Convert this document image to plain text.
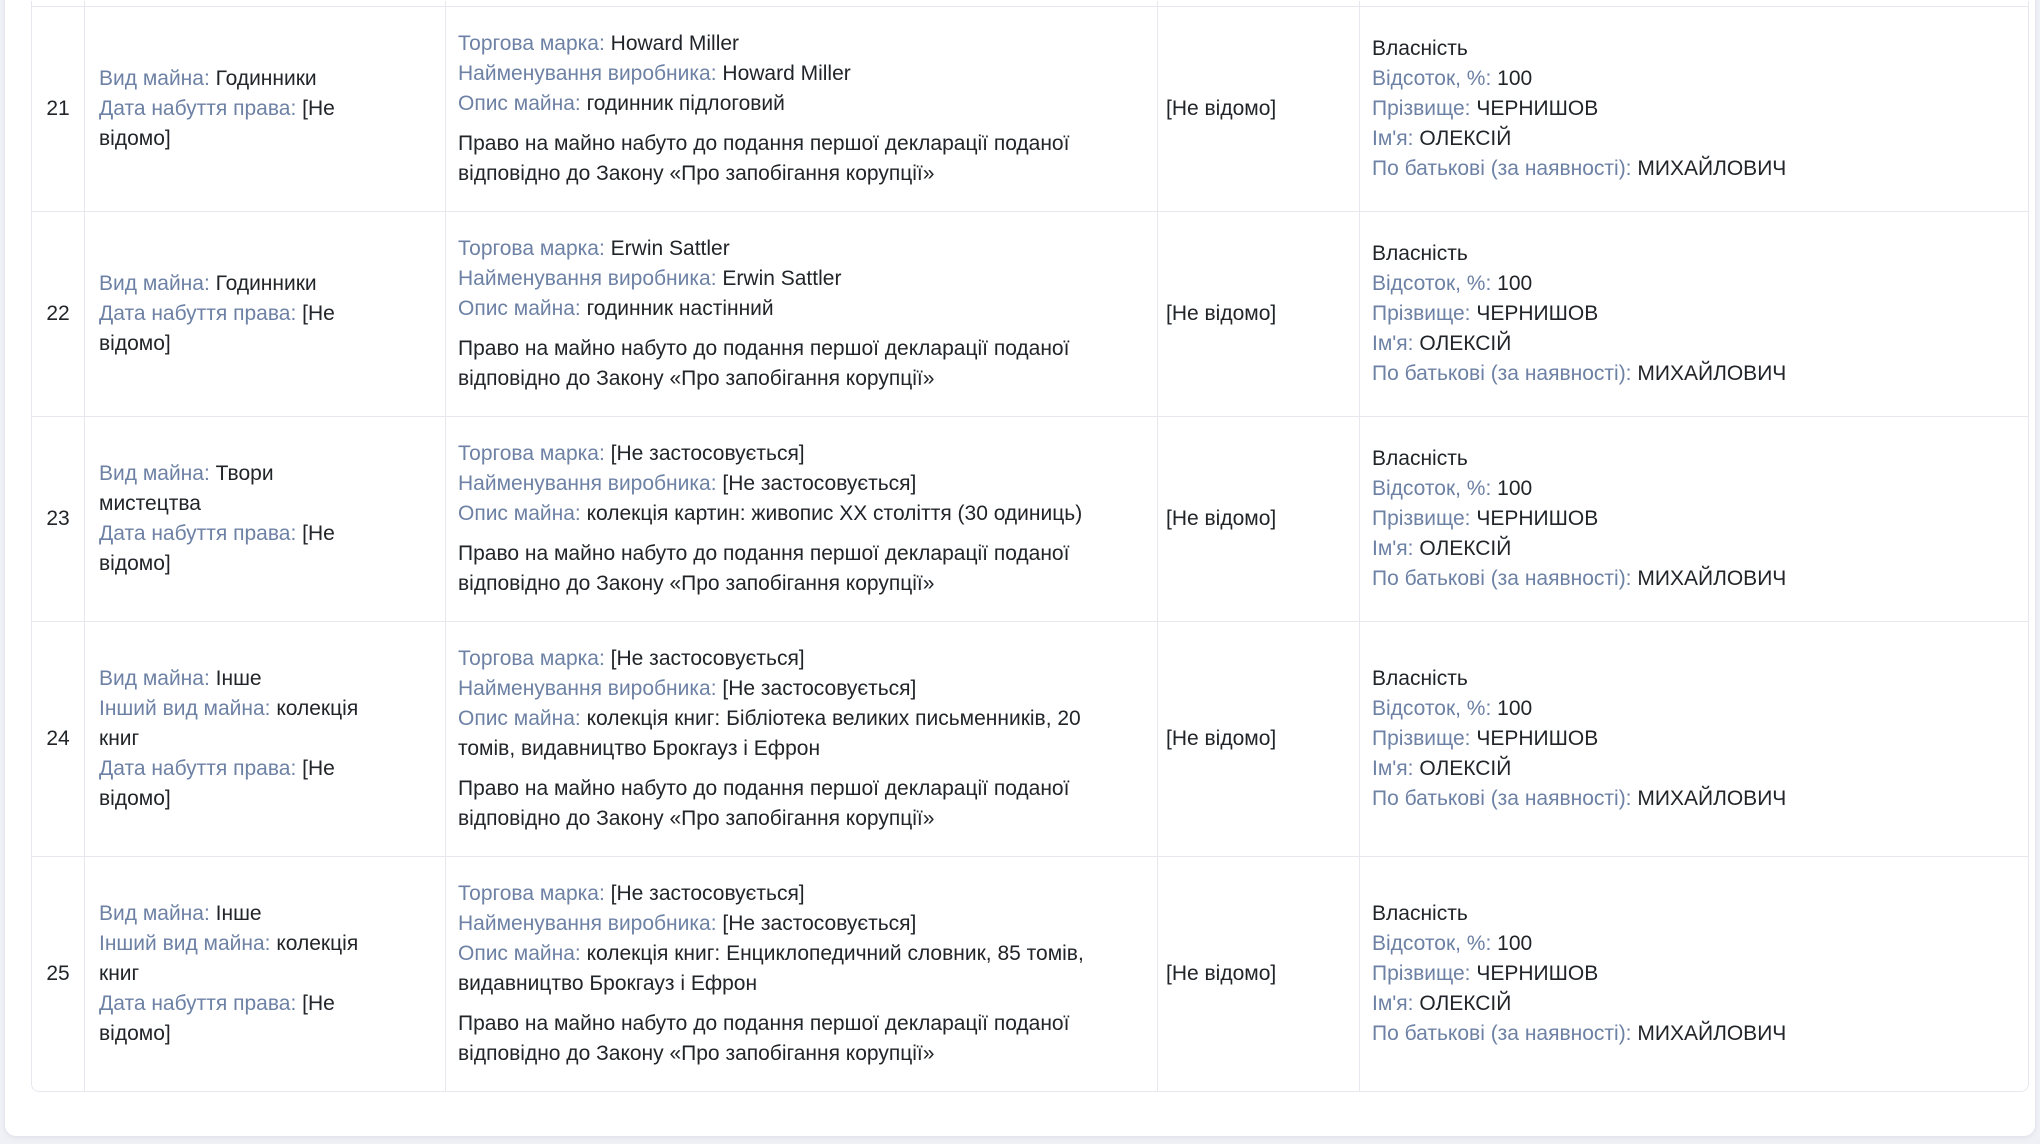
21
Вид майна: Годинники
Дата набуття права: [Не відомо]
Торгова марка: Howard Miller
Найменування виробника: Howard Miller
Опис майна: годинник підлоговий
Право на майно набуто до подання першої декларації поданої відповідно до Закону «Про запобігання корупції»
[Не відомо]
Власність
Відсоток, %: 100
Прізвище: ЧЕРНИШОВ
Ім'я: ОЛЕКСІЙ
По батькові (за наявності): МИХАЙЛОВИЧ
22
Вид майна: Годинники
Дата набуття права: [Не відомо]
Торгова марка: Erwin Sattler
Найменування виробника: Erwin Sattler
Опис майна: годинник настінний
Право на майно набуто до подання першої декларації поданої відповідно до Закону «Про запобігання корупції»
[Не відомо]
Власність
Відсоток, %: 100
Прізвище: ЧЕРНИШОВ
Ім'я: ОЛЕКСІЙ
По батькові (за наявності): МИХАЙЛОВИЧ
23
Вид майна: Твори мистецтва
Дата набуття права: [Не відомо]
Торгова марка: [Не застосовується]
Найменування виробника: [Не застосовується]
Опис майна: колекція картин: живопис ХХ століття (30 одиниць)
Право на майно набуто до подання першої декларації поданої відповідно до Закону «Про запобігання корупції»
[Не відомо]
Власність
Відсоток, %: 100
Прізвище: ЧЕРНИШОВ
Ім'я: ОЛЕКСІЙ
По батькові (за наявності): МИХАЙЛОВИЧ
24
Вид майна: Інше
Інший вид майна: колекція книг
Дата набуття права: [Не відомо]
Торгова марка: [Не застосовується]
Найменування виробника: [Не застосовується]
Опис майна: колекція книг: Бібліотека великих письменників, 20 томів, видавництво Брокгауз і Ефрон
Право на майно набуто до подання першої декларації поданої відповідно до Закону «Про запобігання корупції»
[Не відомо]
Власність
Відсоток, %: 100
Прізвище: ЧЕРНИШОВ
Ім'я: ОЛЕКСІЙ
По батькові (за наявності): МИХАЙЛОВИЧ
25
Вид майна: Інше
Інший вид майна: колекція книг
Дата набуття права: [Не відомо]
Торгова марка: [Не застосовується]
Найменування виробника: [Не застосовується]
Опис майна: колекція книг: Енциклопедичний словник, 85 томів, видавництво Брокгауз і Ефрон
Право на майно набуто до подання першої декларації поданої відповідно до Закону «Про запобігання корупції»
[Не відомо]
Власність
Відсоток, %: 100
Прізвище: ЧЕРНИШОВ
Ім'я: ОЛЕКСІЙ
По батькові (за наявності): МИХАЙЛОВИЧ
